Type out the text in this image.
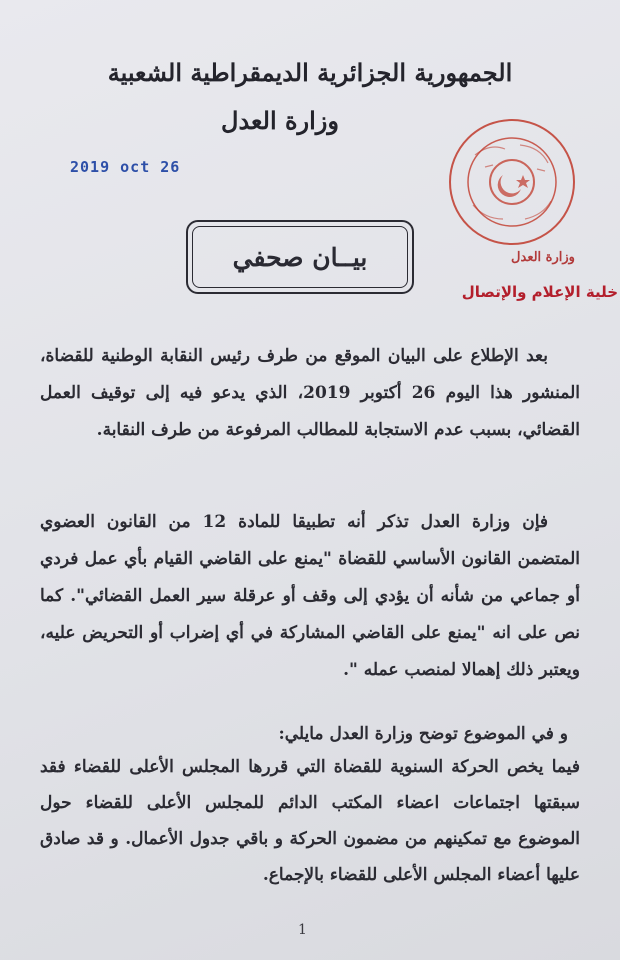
الجمهورية الجزائرية الديمقراطية الشعبية
وزارة العدل
2019 oct 26
وزارة العدل
خلية الإعلام والإتصال
بيــان صحفي
بعد الإطلاع على البيان الموقع من طرف رئيس النقابة الوطنية للقضاة، المنشور هذا اليوم 26 أكتوبر 2019، الذي يدعو فيه إلى توقيف العمل القضائي، بسبب عدم الاستجابة للمطالب المرفوعة من طرف النقابة.
فإن وزارة العدل تذكر أنه تطبيقا للمادة 12 من القانون العضوي المتضمن القانون الأساسي للقضاة "يمنع على القاضي القيام بأي عمل فردي أو جماعي من شأنه أن يؤدي إلى وقف أو عرقلة سير العمل القضائي". كما نص على انه "يمنع على القاضي المشاركة في أي إضراب أو التحريض عليه، ويعتبر ذلك إهمالا لمنصب عمله ".
و في الموضوع توضح وزارة العدل مايلي:
فيما يخص الحركة السنوية للقضاة التي قررها المجلس الأعلى للقضاء فقد سبقتها اجتماعات اعضاء المكتب الدائم للمجلس الأعلى للقضاء حول الموضوع مع تمكينهم من مضمون الحركة و باقي جدول الأعمال. و قد صادق عليها أعضاء المجلس الأعلى للقضاء بالإجماع.
1
